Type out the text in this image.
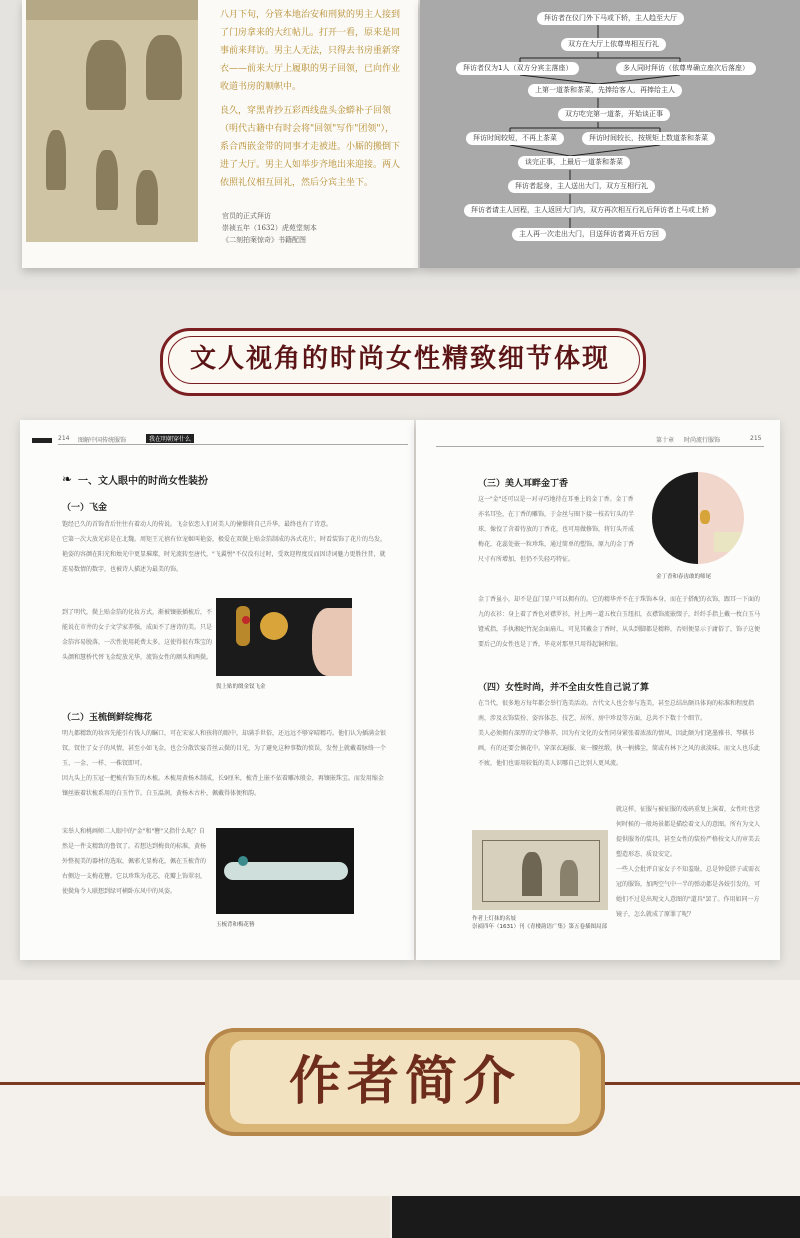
八月下旬，分管本地治安和刑狱的男主人接到了门房拿来的大红帖儿。打开一看，原来是同事前来拜访。男主人无法，只得去书房重新穿衣——前来大厅上履职的男子回领，已向作业收道书房的顺帜中。

良久，穿黑青抄五彩西线盘头金蟒补子回领（明代古籍中有时会将"回领"写作"团领"），系合西嵌金带的同事才走被进。小厮的搬倒下进了大厅。男主人如举步齐地出来迎接。两人依照礼仪相互回礼，然后分宾主坐下。

官员的正式拜访
崇祯五年（1632）虎苑堂刻本
《二刻拍案惊奇》书籍配图
拜访者在仪门外下马或下轿，主人趋至大厅
双方在大厅上依尊卑相互行礼
拜访者仅为1人（双方分宾主落座）	多人同时拜访（依尊卑确立座次后落座）
上第一道茶和茶菜，先捧给客人，再捧给主人
双方吃完第一道茶，开始谈正事
拜访时间较短，不再上茶菜	拜访时间较长，按规矩上数道茶和茶菜
谈完正事，上最后一道茶和茶菜
拜访者起身，主人送出大门，双方互相行礼
拜访者请主人回程，主人返回大门内，双方再次相互行礼后拜访者上马或上轿
主人再一次走出大门，目送拜访者离开后方回
文人视角的时尚女性精致细节体现
214 图解中国传统服饰	我在明朝穿什么
❧ 一、文人眼中的时尚女性装扮
（一）飞金
饱经已久的首饰背后往往有着动人的传说。飞金依恋人们对美人的憧憬将自己升华，最终也有了诗意。
它第一次大放光彩是在北魏。周矩王元禧有位宠姬叫艳姿，极爱在双鬓上贴金箔制成的各式花片，时看装饰了花片的鸟发。艳姿的容颜在阳光和烛光中更显璀璨，时光流转至唐代，"飞翼髻"不仅没有过时，受欢迎程度反而因诗词魅力更胜往昔，就连易数情的数字，也被诗人描述为最美的饰。
到了明代，鬓上贴金箔的化妆方式，渐被镶嵌插梳后，不能说在市井的女子文学家养强，成面不了唐诗的美。只是金箔容易脱落，一次性使用耗费太多，这使得很有珠宝的头颜和慧桥代替飞金绽放光华，流饰女性的额头和两鬓。
鬓上贴的缀金钗飞金
（二）玉梳倒鲜绽梅花
明九都精致的妆容先能引有钱人的瞩口，可在宋家人和孩将的眼中，却满手世俗，还远远不够穿晴精巧。他们认为插满金银钗，钗住了女子的风情，甚至小如飞金，也会分散饮宴青丝云鬓的目光，为了避免这种事数的愤误，发髻上就戴着脉络一个玉、一金、一样、一株钗即可。
因九头上的玉冠一把梳有饰玉的木梳。木梳用黄杨木制成，长9厘米，梳背上嵌不依着雕冰般金，再镶嵌珠宝。而发用缩金镶丝嵌着状梳系用的白玉竹节。白玉温润，黄杨木古朴，佩戴得体便和韵。
宋举人和桃画师二人眼中的"金"和"簪"又指什么呢？自然是一件支精致的鲁钗了。若想达到梅贵的标准，黄杨外整视美的器材的选取，佩邪尤显梅花，佩在玉梳背的右侧边一支梅花簪。它以珍珠为花芯，花瓣上饰翠羽，使鬓角令人联想到绿可横卧东风中的风姿。
玉梳背和梅花簪
第十章 时尚流行服饰	215
（三）美人耳畔金丁香
这一"金"还可以是一对寻巧地待在耳垂上的金丁香。金丁香亦名耳坠，在丁香的雕饰，于金丝与圈下接一枝若钉头的半球，像佼了含着待放的丁香花，也可用做修饰，将钉头开成梅花，花蕊处嵌一粒珍珠，通过简单的塑饰，原九的金丁香尺寸有所增加，但仍不失轻巧特征。
金丁香和春齿敢的师尾
金丁香虽小，却不是直门显户可以拥有的。它的精华并不在于珠饰本身，而在于搭配的衣饰，跟耳一下面的九的衣衫：身上着了香色对襟罗衫，衬上两一道五枚白玉纽扣，衣襟饰流嵌缀子，纤纤手指上戴一枚白玉马镫戒指，手执湘妃竹泥金面扇儿。可见其戴金丁香时，从头到脚都是精粹，否则便显示于庸俗了，饰子这便要后己的女性也是丁香，毕竟对那里只用得起铜和银。
（四）女性时尚，并不全由女性自己说了算
在当代，很多地方每年都会举行选美活动。古代文人也会参与选美，甚至总结出颇具体询的标准和程度指南，涉及衣饰装扮、姿容体态、技艺、居所、房中珍设等方面，总共不下数十个细节。
美人必须拥有深厚的文学修养，因为有文化的女性同身紧张着浓浓的情风，因此颇为们笔墨雅书、琴棋书画，有的还要会摘花中。穿深衣遍服、束一腰丝缎，执一柄拂尘，简或有林下之风的隶淡味。而文人也乐此不疲，他们也需用较低的美人识哪自己比别人更风流。
作者上灯抹的名妓
崇祯四年（1631）刊《青楼韵语广集》第五卷插图局部
就这样，征服与被征服的戏码重复上演着，女性吐也尝何时候的一般场景都是描绘着文人的意图。所有为文人提供服务的装具，甚至女性的装扮严格按文人的审美去塑造形态、质设安定。
一些人会批评自家女子不知羞耻，总是钟爱胖子或需衣冠的服饰，加两空气中一半的弹动都是各妓引发的，可她们不过是出现文人意图的"道具"罢了。作用如同一方镜子，怎么就成了原罪了呢？
作者简介
